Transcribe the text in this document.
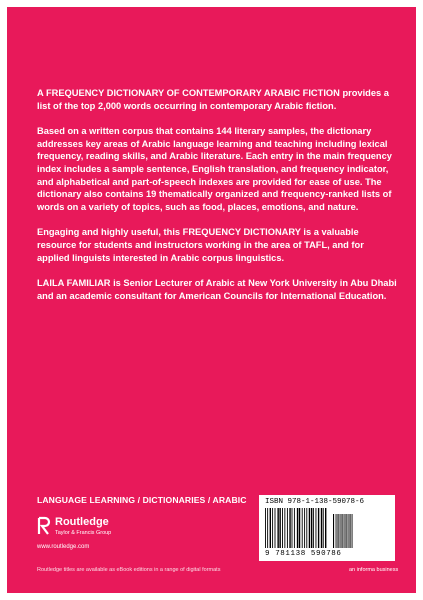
A FREQUENCY DICTIONARY OF CONTEMPORARY ARABIC FICTION provides a list of the top 2,000 words occurring in contemporary Arabic fiction.

Based on a written corpus that contains 144 literary samples, the dictionary addresses key areas of Arabic language learning and teaching including lexical frequency, reading skills, and Arabic literature. Each entry in the main frequency index includes a sample sentence, English translation, and frequency indicator, and alphabetical and part-of-speech indexes are provided for ease of use. The dictionary also contains 19 thematically organized and frequency-ranked lists of words on a variety of topics, such as food, places, emotions, and nature.

Engaging and highly useful, this FREQUENCY DICTIONARY is a valuable resource for students and instructors working in the area of TAFL, and for applied linguists interested in Arabic corpus linguistics.

LAILA FAMILIAR is Senior Lecturer of Arabic at New York University in Abu Dhabi and an academic consultant for American Councils for International Education.

LANGUAGE LEARNING / DICTIONARIES / ARABIC
Routledge
Taylor & Francis Group
www.routledge.com
Routledge titles are available as eBook editions in a range of digital formats	an informa business
ISBN 978-1-138-59078-6
9 781138 590786
